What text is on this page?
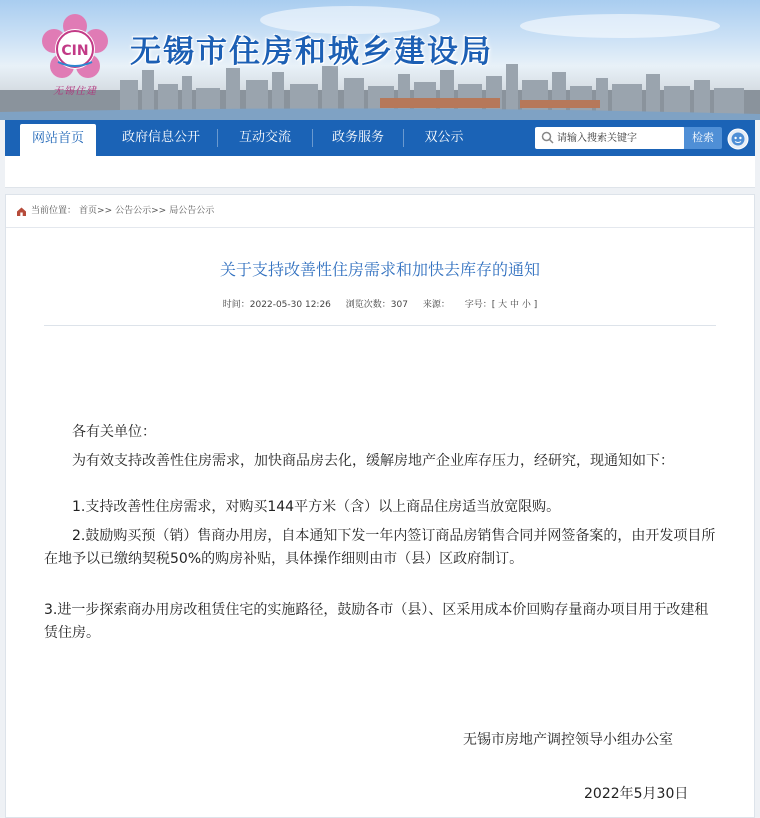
CIN
无锡住建
无锡市住房和城乡建设局
网站首页	政府信息公开	互动交流	政务服务	双公示
请输入搜索关键字	检索
当前位置： 首页 >> 公告公示 >> 局公告公示
关于支持改善性住房需求和加快去库存的通知
时间：2022-05-30 12:26 浏览次数：307 来源： 字号：[ 大 中 小 ]
各有关单位：
为有效支持改善性住房需求，加快商品房去化，缓解房地产企业库存压力，经研究，现通知如下：
1.支持改善性住房需求，对购买144平方米（含）以上商品住房适当放宽限购。
2.鼓励购买预（销）售商办用房，自本通知下发一年内签订商品房销售合同并网签备案的，由开发项目所在地予以已缴纳契税50%的购房补贴，具体操作细则由市（县）区政府制订。
3.进一步探索商办用房改租赁住宅的实施路径，鼓励各市（县）、区采用成本价回购存量商办项目用于改建租赁住房。
无锡市房地产调控领导小组办公室
2022年5月30日
